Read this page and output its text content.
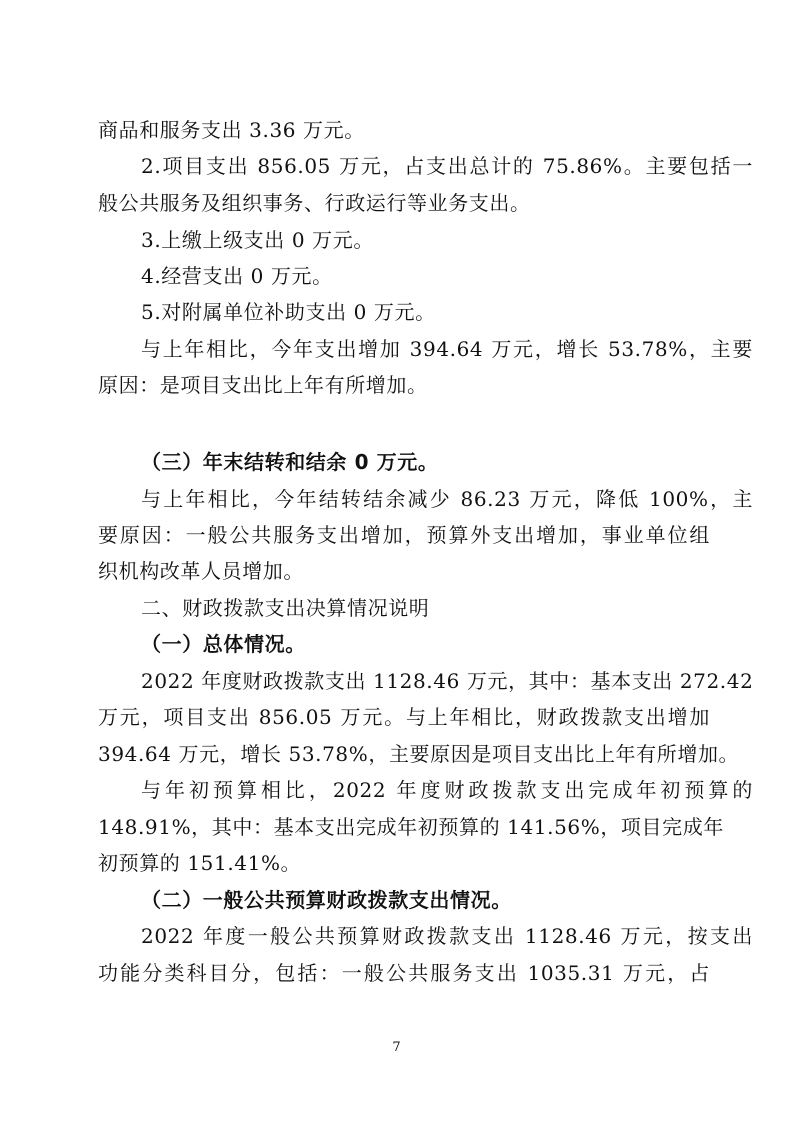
商品和服务支出 3.36 万元。
2.项目支出 856.05 万元，占支出总计的 75.86%。主要包括一
般公共服务及组织事务、行政运行等业务支出。
3.上缴上级支出 0 万元。
4.经营支出 0 万元。
5.对附属单位补助支出 0 万元。
与上年相比，今年支出增加 394.64 万元，增长 53.78%，主要
原因：是项目支出比上年有所增加。
（三）年末结转和结余 0 万元。
与上年相比，今年结转结余减少 86.23 万元，降低 100%，主
要原因：一般公共服务支出增加，预算外支出增加，事业单位组
织机构改革人员增加。
二、财政拨款支出决算情况说明
（一）总体情况。
2022 年度财政拨款支出 1128.46 万元，其中：基本支出 272.42
万元，项目支出 856.05 万元。与上年相比，财政拨款支出增加
394.64 万元，增长 53.78%，主要原因是项目支出比上年有所增加。
与年初预算相比，2022 年度财政拨款支出完成年初预算的
148.91%，其中：基本支出完成年初预算的 141.56%，项目完成年
初预算的 151.41%。
（二）一般公共预算财政拨款支出情况。
2022 年度一般公共预算财政拨款支出 1128.46 万元，按支出
功能分类科目分，包括：一般公共服务支出 1035.31 万元，占
7
